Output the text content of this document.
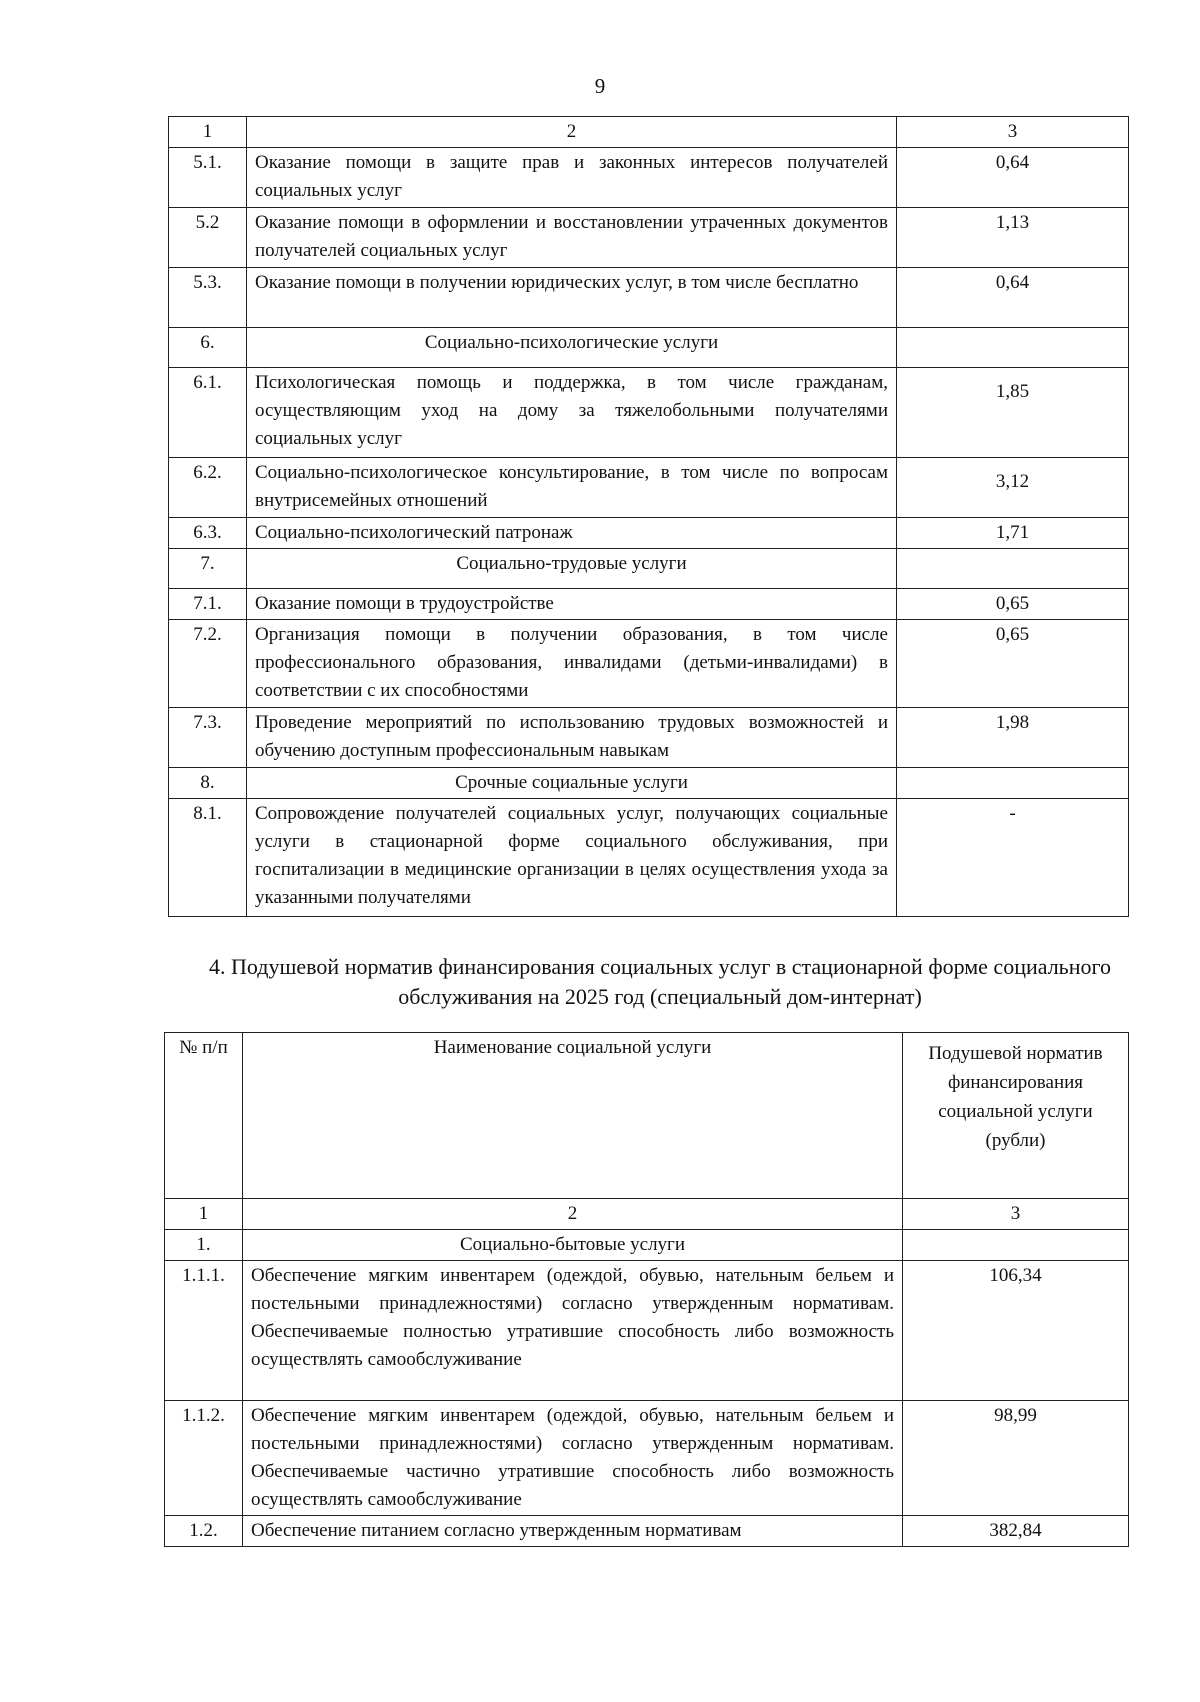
9
1	2	3
5.1.	Оказание помощи в защите прав и законных интересов получателей социальных услуг	0,64
5.2	Оказание помощи в оформлении и восстановлении утраченных документов получателей социальных услуг	1,13
5.3.	Оказание помощи в получении юридических услуг, в том числе бесплатно	0,64
6.	Социально-психологические услуги	
6.1.	Психологическая помощь и поддержка, в том числе гражданам, осуществляющим уход на дому за тяжелобольными получателями социальных услуг	1,85
6.2.	Социально-психологическое консультирование, в том числе по вопросам внутрисемейных отношений	3,12
6.3.	Социально-психологический патронаж	1,71
7.	Социально-трудовые услуги	
7.1.	Оказание помощи в трудоустройстве	0,65
7.2.	Организация помощи в получении образования, в том числе профессионального образования, инвалидами (детьми-инвалидами) в соответствии с их способностями	0,65
7.3.	Проведение мероприятий по использованию трудовых возможностей и обучению доступным профессиональным навыкам	1,98
8.	Срочные социальные услуги	
8.1.	Сопровождение получателей социальных услуг, получающих социальные услуги в стационарной форме социального обслуживания, при госпитализации в медицинские организации в целях осуществления ухода за указанными получателями	-
4. Подушевой норматив финансирования социальных услуг в стационарной форме социального обслуживания на 2025 год (специальный дом-интернат)
№ п/п	Наименование социальной услуги	Подушевой норматив финансирования социальной услуги (рубли)
1	2	3
1.	Социально-бытовые услуги	
1.1.1.	Обеспечение мягким инвентарем (одеждой, обувью, нательным бельем и постельными принадлежностями) согласно утвержденным нормативам. Обеспечиваемые полностью утратившие способность либо возможность осуществлять самообслуживание	106,34
1.1.2.	Обеспечение мягким инвентарем (одеждой, обувью, нательным бельем и постельными принадлежностями) согласно утвержденным нормативам. Обеспечиваемые частично утратившие способность либо возможность осуществлять самообслуживание	98,99
1.2.	Обеспечение питанием согласно утвержденным нормативам	382,84
